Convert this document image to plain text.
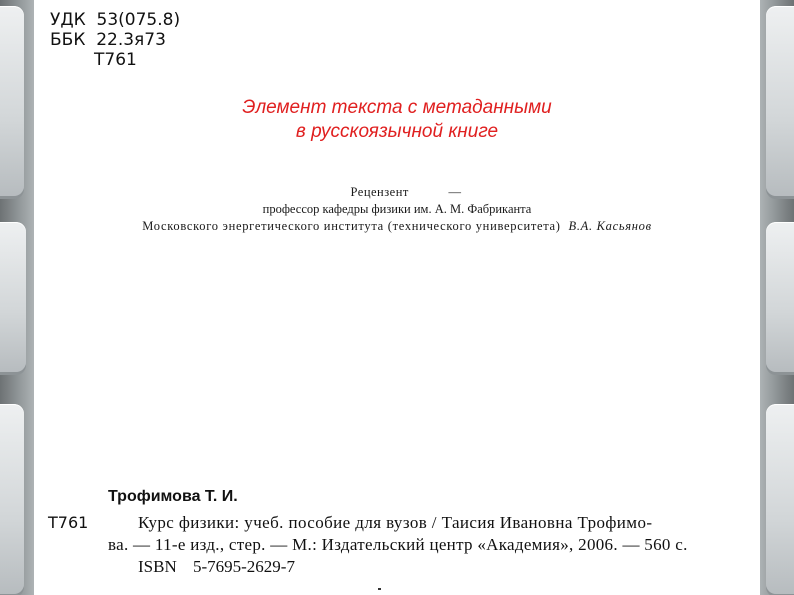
УДК  53(075.8)
ББК  22.3я73
Т761
Элемент текста с метаданными
в русскоязычной книге
Рецензент	—
профессор кафедры физики им. А. М. Фабриканта
Московского энергетического института (технического университета) В.А. Касьянов
Трофимова Т. И.
Т761	Курс физики: учеб. пособие для вузов / Таисия Ивановна Трофимо-
ва. — 11-е изд., стер. — М.: Издательский центр «Академия», 2006. — 560 с.
ISBN 5-7695-2629-7
